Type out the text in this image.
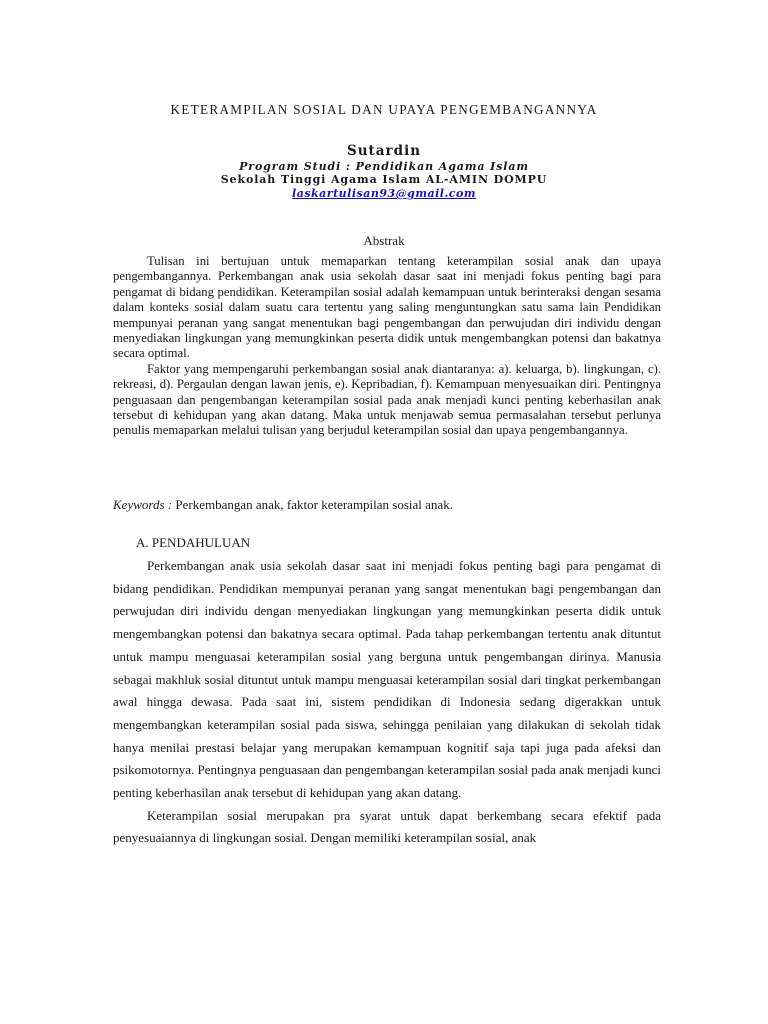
KETERAMPILAN SOSIAL DAN UPAYA PENGEMBANGANNYA
Sutardin
Program Studi : Pendidikan Agama Islam
Sekolah Tinggi Agama Islam AL-AMIN DOMPU
laskartulisan93@gmail.com
Abstrak

Tulisan ini bertujuan untuk memaparkan tentang keterampilan sosial anak dan upaya pengembangannya. Perkembangan anak usia sekolah dasar saat ini menjadi fokus penting bagi para pengamat di bidang pendidikan. Keterampilan sosial adalah kemampuan untuk berinteraksi dengan sesama dalam konteks sosial dalam suatu cara tertentu yang saling menguntungkan satu sama lain Pendidikan mempunyai peranan yang sangat menentukan bagi pengembangan dan perwujudan diri individu dengan menyediakan lingkungan yang memungkinkan peserta didik untuk mengembangkan potensi dan bakatnya secara optimal.

Faktor yang mempengaruhi perkembangan sosial anak diantaranya: a). keluarga, b). lingkungan, c). rekreasi, d). Pergaulan dengan lawan jenis, e). Kepribadian, f). Kemampuan menyesuaikan diri. Pentingnya penguasaan dan pengembangan keterampilan sosial pada anak menjadi kunci penting keberhasilan anak tersebut di kehidupan yang akan datang. Maka untuk menjawab semua permasalahan tersebut perlunya penulis memaparkan melalui tulisan yang berjudul keterampilan sosial dan upaya pengembangannya.

Keywords : Perkembangan anak, faktor keterampilan sosial anak.
A. PENDAHULUAN

Perkembangan anak usia sekolah dasar saat ini menjadi fokus penting bagi para pengamat di bidang pendidikan. Pendidikan mempunyai peranan yang sangat menentukan bagi pengembangan dan perwujudan diri individu dengan menyediakan lingkungan yang memungkinkan peserta didik untuk mengembangkan potensi dan bakatnya secara optimal. Pada tahap perkembangan tertentu anak dituntut untuk mampu menguasai keterampilan sosial yang berguna untuk pengembangan dirinya. Manusia sebagai makhluk sosial dituntut untuk mampu menguasai keterampilan sosial dari tingkat perkembangan awal hingga dewasa. Pada saat ini, sistem pendidikan di Indonesia sedang digerakkan untuk mengembangkan keterampilan sosial pada siswa, sehingga penilaian yang dilakukan di sekolah tidak hanya menilai prestasi belajar yang merupakan kemampuan kognitif saja tapi juga pada afeksi dan psikomotornya. Pentingnya penguasaan dan pengembangan keterampilan sosial pada anak menjadi kunci penting keberhasilan anak tersebut di kehidupan yang akan datang.

Keterampilan sosial merupakan pra syarat untuk dapat berkembang secara efektif pada penyesuaiannya di lingkungan sosial. Dengan memiliki keterampilan sosial, anak
